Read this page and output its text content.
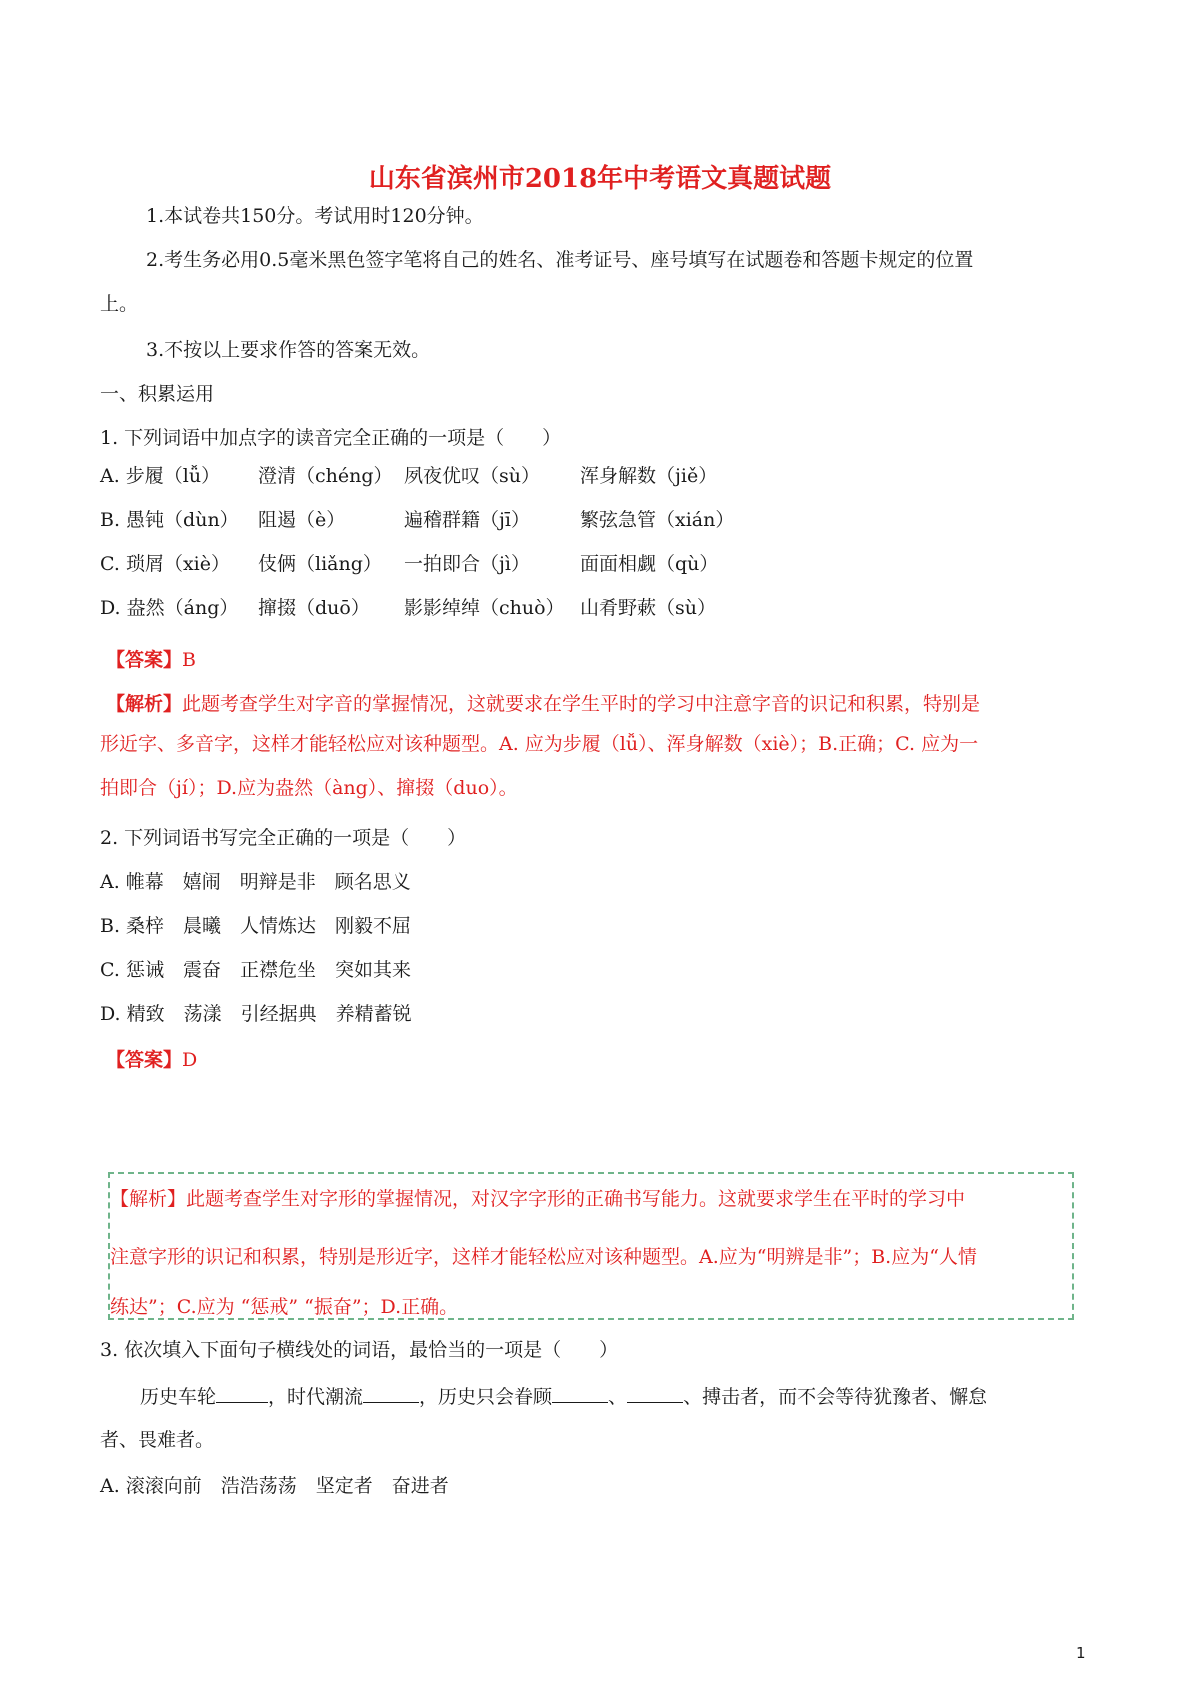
山东省滨州市2018年中考语文真题试题
1.本试卷共150分。考试用时120分钟。
2.考生务必用0.5毫米黑色签字笔将自己的姓名、准考证号、座号填写在试题卷和答题卡规定的位置
上。
3.不按以上要求作答的答案无效。
一、积累运用
1. 下列词语中加点字的读音完全正确的一项是（　　）
A. 步履（lǚ） 澄清（chéng） 夙夜优叹（sù） 浑身解数（jiě）
B. 愚钝（dùn） 阻遏（è）	遍稽群籍（jī）	繁弦急管（xián）
C. 琐屑（xiè） 伎俩（liǎng） 一拍即合（jì）	面面相觑（qù）
D. 盎然（áng） 撺掇（duō） 影影绰绰（chuò） 山肴野蔌（sù）
【答案】B
【解析】此题考查学生对字音的掌握情况，这就要求在学生平时的学习中注意字音的识记和积累，特别是
形近字、多音字，这样才能轻松应对该种题型。A. 应为步履（lǚ）、浑身解数（xiè）；B.正确；C. 应为一
拍即合（jí）；D.应为盎然（àng）、撺掇（duo）。
2. 下列词语书写完全正确的一项是（　　）
A. 帷幕　嬉闹　明辩是非　顾名思义
B. 桑梓　晨曦　人情炼达　刚毅不屈
C. 惩诫　震奋　正襟危坐　突如其来
D. 精致　荡漾　引经据典　养精蓄锐
【答案】D
【解析】此题考查学生对字形的掌握情况，对汉字字形的正确书写能力。这就要求学生在平时的学习中
注意字形的识记和积累，特别是形近字，这样才能轻松应对该种题型。A.应为“明辨是非”；B.应为“人情
练达”；C.应为 “惩戒” “振奋”；D.正确。
3. 依次填入下面句子横线处的词语，最恰当的一项是（　　）
历史车轮	，时代潮流	，历史只会眷顾	、	、搏击者，而不会等待犹豫者、懈怠
者、畏难者。
A. 滚滚向前　浩浩荡荡　坚定者　奋进者
1
